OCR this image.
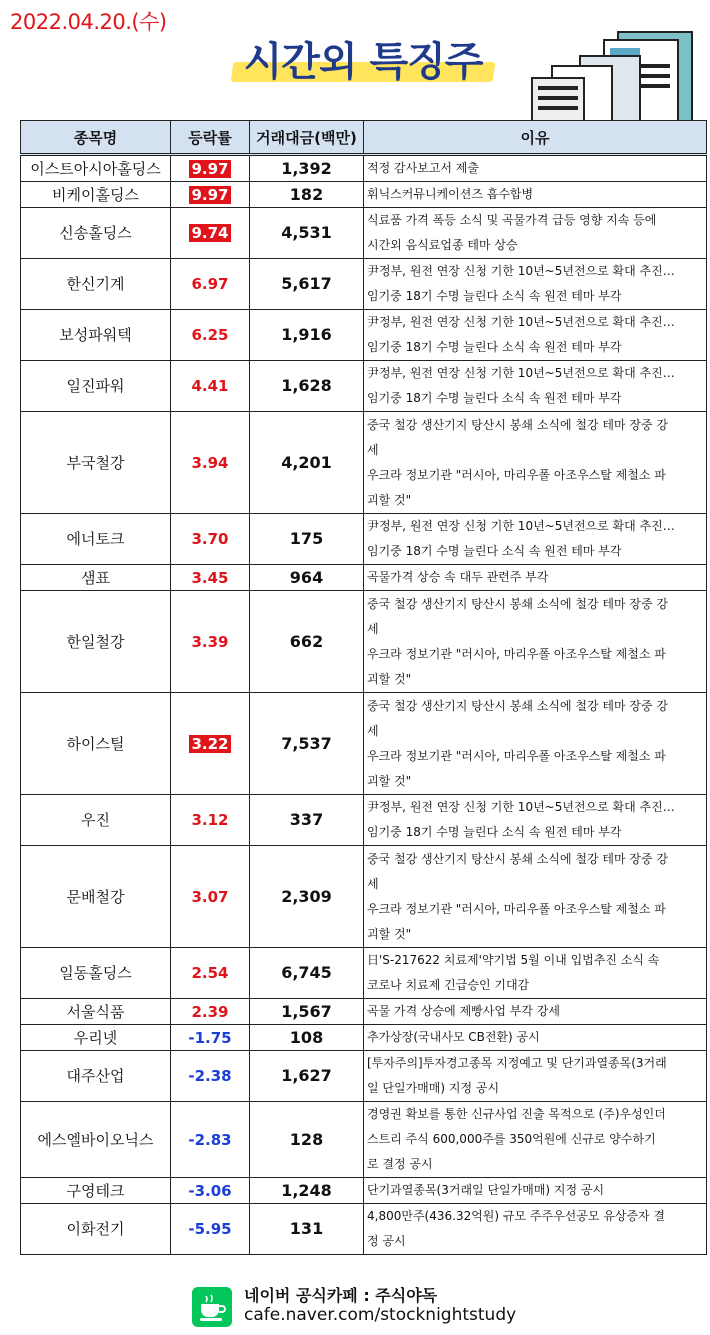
2022.04.20.(수)
시간외 특징주
종목명	등락률	거래대금(백만)	이유
이스트아시아홀딩스	9.97	1,392	적정 감사보고서 제출

비케이홀딩스	9.97	182	휘닉스커뮤니케이션즈 흡수합병

신송홀딩스	9.74	4,531	식료품 가격 폭등 소식 및 곡물가격 급등 영향 지속 등에
시간외 음식료업종 테마 상승

한신기계	6.97	5,617	尹정부, 원전 연장 신청 기한 10년~5년전으로 확대 추진…
임기중 18기 수명 늘린다 소식 속 원전 테마 부각

보성파워텍	6.25	1,916	尹정부, 원전 연장 신청 기한 10년~5년전으로 확대 추진…
임기중 18기 수명 늘린다 소식 속 원전 테마 부각

일진파워	4.41	1,628	尹정부, 원전 연장 신청 기한 10년~5년전으로 확대 추진…
임기중 18기 수명 늘린다 소식 속 원전 테마 부각

부국철강	3.94	4,201	중국 철강 생산기지 탕산시 봉쇄 소식에 철강 테마 장중 강
세
우크라 정보기관 "러시아, 마리우폴 아조우스탈 제철소 파
괴할 것"

에너토크	3.70	175	尹정부, 원전 연장 신청 기한 10년~5년전으로 확대 추진…
임기중 18기 수명 늘린다 소식 속 원전 테마 부각

샘표	3.45	964	곡물가격 상승 속 대두 관련주 부각

한일철강	3.39	662	중국 철강 생산기지 탕산시 봉쇄 소식에 철강 테마 장중 강
세
우크라 정보기관 "러시아, 마리우폴 아조우스탈 제철소 파
괴할 것"

하이스틸	3.22	7,537	중국 철강 생산기지 탕산시 봉쇄 소식에 철강 테마 장중 강
세
우크라 정보기관 "러시아, 마리우폴 아조우스탈 제철소 파
괴할 것"

우진	3.12	337	尹정부, 원전 연장 신청 기한 10년~5년전으로 확대 추진…
임기중 18기 수명 늘린다 소식 속 원전 테마 부각

문배철강	3.07	2,309	중국 철강 생산기지 탕산시 봉쇄 소식에 철강 테마 장중 강
세
우크라 정보기관 "러시아, 마리우폴 아조우스탈 제철소 파
괴할 것"

일동홀딩스	2.54	6,745	日'S-217622 치료제'약기법 5월 이내 입법추진 소식 속
코로나 치료제 긴급승인 기대감

서울식품	2.39	1,567	곡물 가격 상승에 제빵사업 부각 강세

우리넷	-1.75	108	추가상장(국내사모 CB전환) 공시

대주산업	-2.38	1,627	[투자주의]투자경고종목 지정예고 및 단기과열종목(3거래
일 단일가매매) 지정 공시

에스엘바이오닉스	-2.83	128	경영권 확보를 통한 신규사업 진출 목적으로 (주)우성인더
스트리 주식 600,000주를 350억원에 신규로 양수하기
로 결정 공시

구영테크	-3.06	1,248	단기과열종목(3거래일 단일가매매) 지정 공시

이화전기	-5.95	131	4,800만주(436.32억원) 규모 주주우선공모 유상증자 결
정 공시
네이버 공식카페 : 주식야독
cafe.naver.com/stocknightstudy
